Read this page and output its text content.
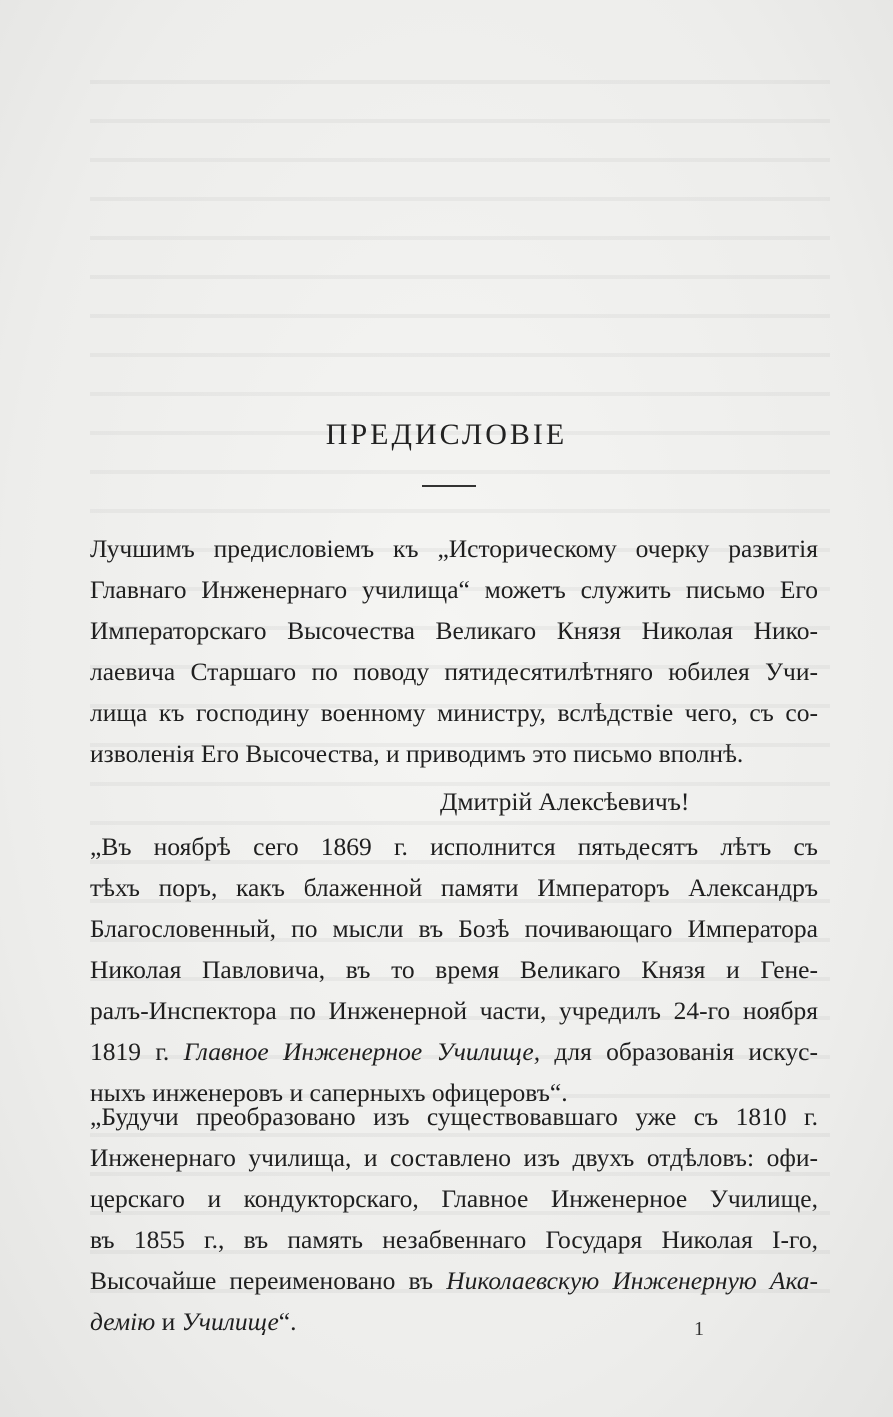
ПРЕДИСЛОВІЕ
Лучшимъ предисловіемъ къ „Историческому очерку развитія
Главнаго Инженернаго училища“ можетъ служить письмо Его
Императорскаго Высочества Великаго Князя Николая Нико-
лаевича Старшаго по поводу пятидесятилѣтняго юбилея Учи-
лища къ господину военному министру, вслѣдствіе чего, съ со-
изволенія Его Высочества, и приводимъ это письмо вполнѣ.
Дмитрій Алексѣевичъ!
„Въ ноябрѣ сего 1869 г. исполнится пятьдесятъ лѣтъ съ
тѣхъ поръ, какъ блаженной памяти Императоръ Александръ
Благословенный, по мысли въ Бозѣ почивающаго Императора
Николая Павловича, въ то время Великаго Князя и Гене-
ралъ-Инспектора по Инженерной части, учредилъ 24-го ноября
1819 г. Главное Инженерное Училище, для образованія искус-
ныхъ инженеровъ и саперныхъ офицеровъ“.
„Будучи преобразовано изъ существовавшаго уже съ 1810 г.
Инженернаго училища, и составлено изъ двухъ отдѣловъ: офи-
церскаго и кондукторскаго, Главное Инженерное Училище,
въ 1855 г., въ память незабвеннаго Государя Николая I-го,
Высочайше переименовано въ Николаевскую Инженерную Ака-
демію и Училище“.	1
